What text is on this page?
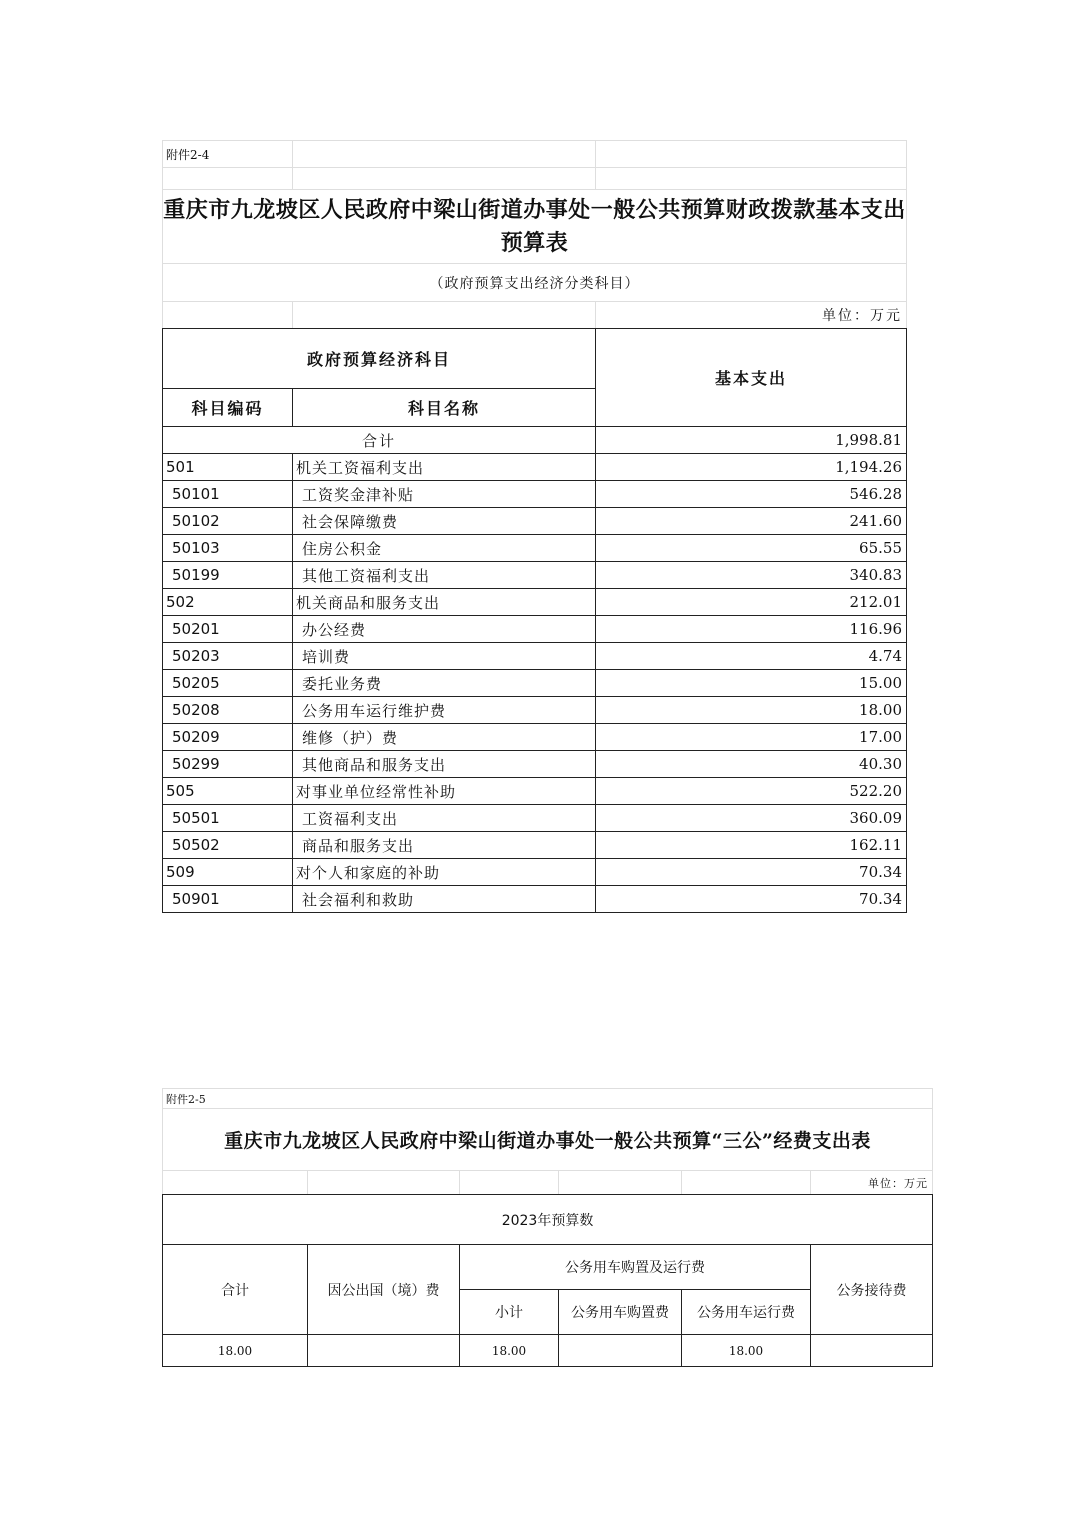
附件2-4		

重庆市九龙坡区人民政府中梁山街道办事处一般公共预算财政拨款基本支出预算表		
（政府预算支出经济分类科目）		
		单位：万元
政府预算经济科目		基本支出
科目编码	科目名称	
合计		1,998.81
501	机关工资福利支出	1,194.26
50101	工资奖金津补贴	546.28
50102	社会保障缴费	241.60
50103	住房公积金	65.55
50199	其他工资福利支出	340.83
502	机关商品和服务支出	212.01
50201	办公经费	116.96
50203	培训费	4.74
50205	委托业务费	15.00
50208	公务用车运行维护费	18.00
50209	维修（护）费	17.00
50299	其他商品和服务支出	40.30
505	对事业单位经常性补助	522.20
50501	工资福利支出	360.09
50502	商品和服务支出	162.11
509	对个人和家庭的补助	70.34
50901	社会福利和救助	70.34
附件2-5					
重庆市九龙坡区人民政府中梁山街道办事处一般公共预算“三公”经费支出表					
					单位：万元
2023年预算数					
合计	因公出国（境）费	公务用车购置及运行费			公务接待费
		小计	公务用车购置费	公务用车运行费	
18.00		18.00		18.00	
